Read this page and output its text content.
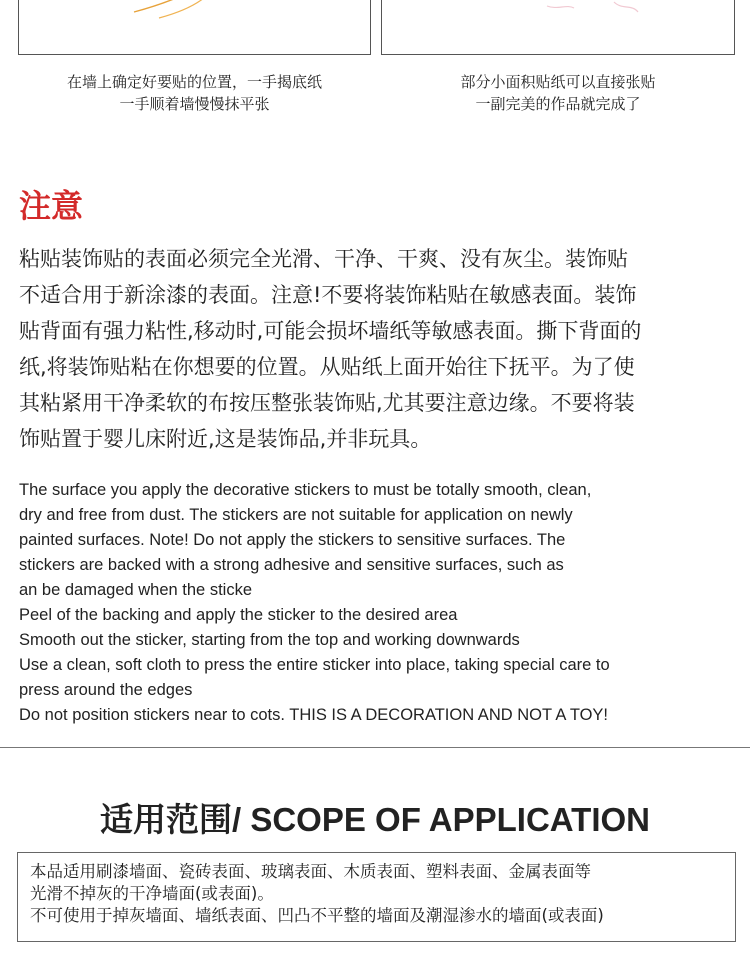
在墙上确定好要贴的位置，一手揭底纸
一手顺着墙慢慢抹平张
部分小面积贴纸可以直接张贴
一副完美的作品就完成了
注意
粘贴装饰贴的表面必须完全光滑、干净、干爽、没有灰尘。装饰贴
不适合用于新涂漆的表面。注意!不要将装饰粘贴在敏感表面。装饰
贴背面有强力粘性,移动时,可能会损坏墙纸等敏感表面。撕下背面的
纸,将装饰贴粘在你想要的位置。从贴纸上面开始往下抚平。为了使
其粘紧用干净柔软的布按压整张装饰贴,尤其要注意边缘。不要将装
饰贴置于婴儿床附近,这是装饰品,并非玩具。
The surface you apply the decorative stickers to must be totally smooth, clean,
dry and free from dust. The stickers are not suitable for application on newly
painted surfaces. Note! Do not apply the stickers to sensitive surfaces. The
stickers are backed with a strong adhesive and sensitive surfaces, such as
an be damaged when the sticke
Peel of the backing and apply the sticker to the desired area
Smooth out the sticker, starting from the top and working downwards
Use a clean, soft cloth to press the entire sticker into place, taking special care to
press around the edges
Do not position stickers near to cots. THIS IS A DECORATION AND NOT A TOY!
适用范围/ SCOPE OF APPLICATION
本品适用刷漆墙面、瓷砖表面、玻璃表面、木质表面、塑料表面、金属表面等
光滑不掉灰的干净墙面(或表面)。
不可使用于掉灰墙面、墙纸表面、凹凸不平整的墙面及潮湿渗水的墙面(或表面)
